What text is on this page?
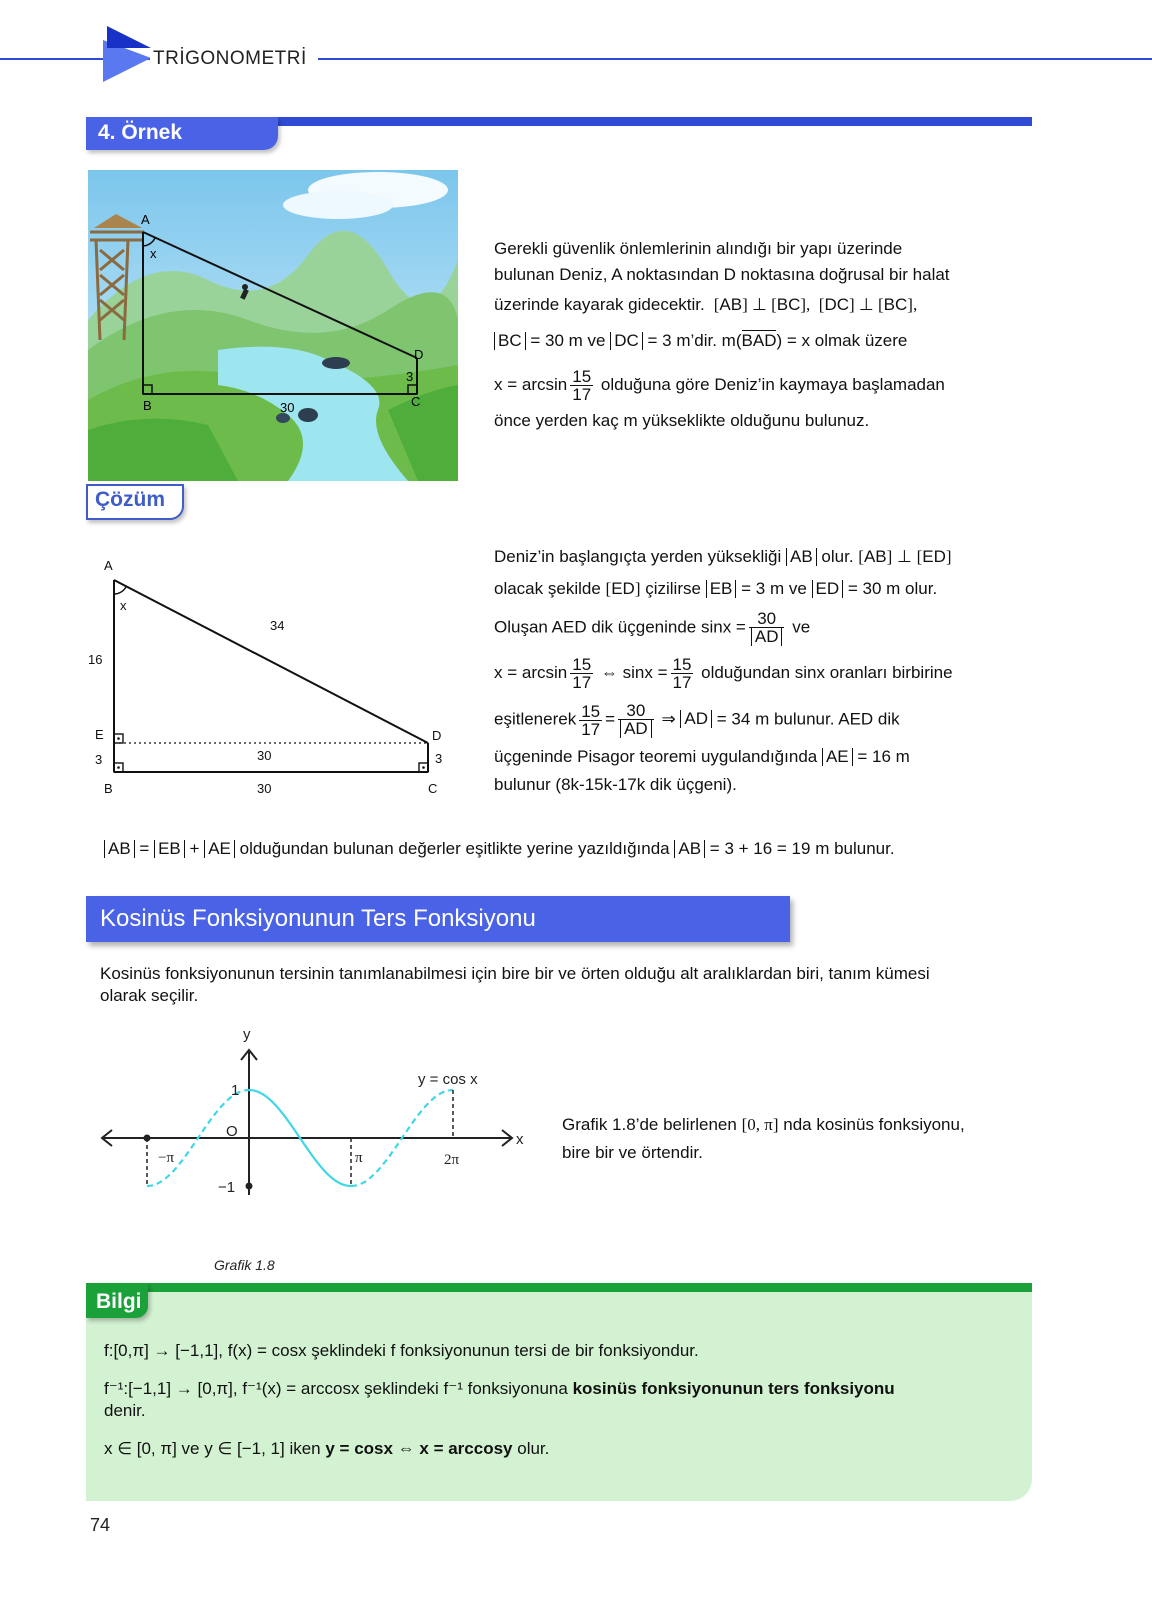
TRİGONOMETRİ
4. Örnek
A
x
B	C
D
3
30
Gerekli güvenlik önlemlerinin alındığı bir yapı üzerinde
bulunan Deniz, A noktasından D noktasına doğrusal bir halat
üzerinde kayarak gidecektir.  [AB] ⊥ [BC],  [DC] ⊥ [BC],
BC = 30 m ve DC = 3 m’dir. m(BAD) = x olmak üzere
$x = \arcsin \frac{15}{17}$ olduğuna göre Deniz’in kaymaya başlamadan
önce yerden kaç m yükseklikte olduğunu bulunuz.
Çözüm
A
x
34
16
E
3
B
D
3
C
30
30
Deniz’in başlangıçta yerden yüksekliği AB olur. [AB] ⊥ [ED]
olacak şekilde [ED] çizilirse EB = 3 m ve ED = 30 m olur.
Oluşan AED dik üçgeninde $\sin x = \frac{30}{AD}$ ve
$x = \arcsin \frac{15}{17}$ ⇔ $\sin x = \frac{15}{17}$ olduğundan sinx oranları birbirine
eşitlenerek $\frac{15}{17} = \frac{30}{AD}$ ⇒ AD = 34 m bulunur. AED dik
üçgeninde Pisagor teoremi uygulandığında AE = 16 m
bulunur (8k-15k-17k dik üçgeni).
AB = EB + AE olduğundan bulunan değerler eşitlikte yerine yazıldığında AB = 3 + 16 = 19 m bulunur.
Kosinüs Fonksiyonunun Ters Fonksiyonu
Kosinüs fonksiyonunun tersinin tanımlanabilmesi için bire bir ve örten olduğu alt aralıklardan biri, tanım kümesi
olarak seçilir.
y
x
1
O
−1
−π	π	2π
y = cos x
Grafik 1.8
Grafik 1.8’de belirlenen [0, π] nda kosinüs fonksiyonu,
bire bir ve örtendir.
Bilgi
f:[0,π] → [−1,1], f(x) = cosx şeklindeki f fonksiyonunun tersi de bir fonksiyondur.
f⁻¹:[−1,1] → [0,π], f⁻¹(x) = arccosx şeklindeki f⁻¹ fonksiyonuna kosinüs fonksiyonunun ters fonksiyonu
denir.
x ∈ [0, π] ve y ∈ [−1, 1] iken y = cosx ⇔ x = arccosy olur.
74
